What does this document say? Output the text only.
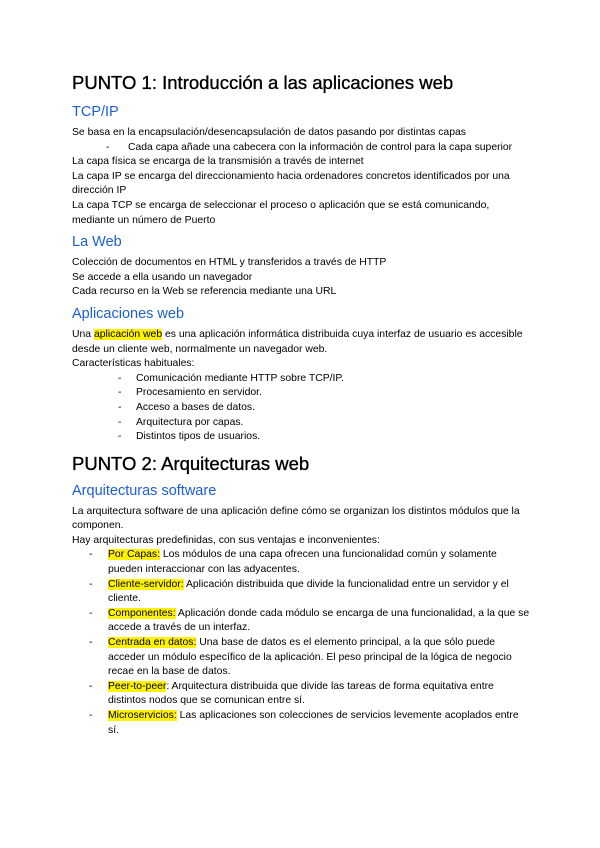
PUNTO 1: Introducción a las aplicaciones web
TCP/IP

Se basa en la encapsulación/desencapsulación de datos pasando por distintas capas

- Cada capa añade una cabecera con la información de control para la capa superior

La capa física se encarga de la transmisión a través de internet

La capa IP se encarga del direccionamiento hacia ordenadores concretos identificados por una dirección IP

La capa TCP se encarga de seleccionar el proceso o aplicación que se está comunicando, mediante un número de Puerto

La Web

Colección de documentos en HTML y transferidos a través de HTTP

Se accede a ella usando un navegador

Cada recurso en la Web se referencia mediante una URL

Aplicaciones web

Una aplicación web es una aplicación informática distribuida cuya interfaz de usuario es accesible desde un cliente web, normalmente un navegador web.

Características habituales:

- Comunicación mediante HTTP sobre TCP/IP.
- Procesamiento en servidor.
- Acceso a bases de datos.
- Arquitectura por capas.
- Distintos tipos de usuarios.
PUNTO 2: Arquitecturas web
Arquitecturas software

La arquitectura software de una aplicación define cómo se organizan los distintos módulos que la componen.

Hay arquitecturas predefinidas, con sus ventajas e inconvenientes:

- Por Capas: Los módulos de una capa ofrecen una funcionalidad común y solamente pueden interaccionar con las adyacentes.
- Cliente-servidor: Aplicación distribuida que divide la funcionalidad entre un servidor y el cliente.
- Componentes: Aplicación donde cada módulo se encarga de una funcionalidad, a la que se accede a través de un interfaz.
- Centrada en datos: Una base de datos es el elemento principal, a la que sólo puede acceder un módulo específico de la aplicación. El peso principal de la lógica de negocio recae en la base de datos.
- Peer-to-peer: Arquitectura distribuida que divide las tareas de forma equitativa entre distintos nodos que se comunican entre sí.
- Microservicios: Las aplicaciones son colecciones de servicios levemente acoplados entre sí.
